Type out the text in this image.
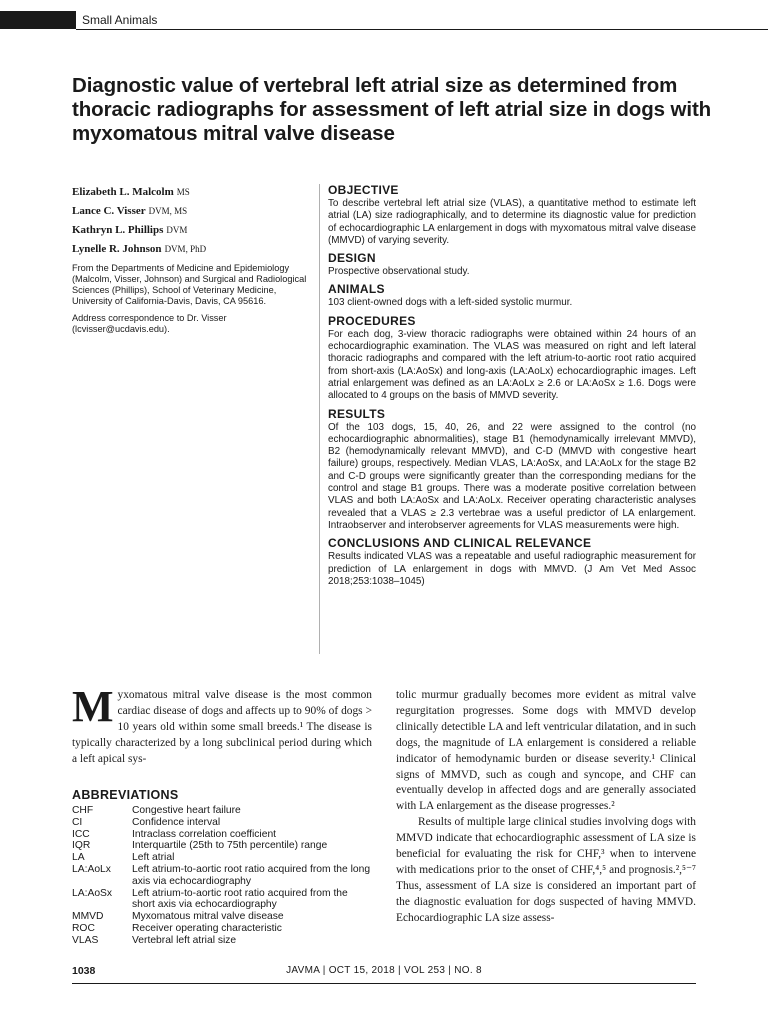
Small Animals
Diagnostic value of vertebral left atrial size as determined from thoracic radiographs for assessment of left atrial size in dogs with myxomatous mitral valve disease
Elizabeth L. Malcolm MS
Lance C. Visser DVM, MS
Kathryn L. Phillips DVM
Lynelle R. Johnson DVM, PhD
From the Departments of Medicine and Epidemiology (Malcolm, Visser, Johnson) and Surgical and Radiological Sciences (Phillips), School of Veterinary Medicine, University of California-Davis, Davis, CA 95616.
Address correspondence to Dr. Visser (lcvisser@ucdavis.edu).
OBJECTIVE
To describe vertebral left atrial size (VLAS), a quantitative method to estimate left atrial (LA) size radiographically, and to determine its diagnostic value for prediction of echocardiographic LA enlargement in dogs with myxomatous mitral valve disease (MMVD) of varying severity.
DESIGN
Prospective observational study.
ANIMALS
103 client-owned dogs with a left-sided systolic murmur.
PROCEDURES
For each dog, 3-view thoracic radiographs were obtained within 24 hours of an echocardiographic examination. The VLAS was measured on right and left lateral thoracic radiographs and compared with the left atrium-to-aortic root ratio acquired from short-axis (LA:AoSx) and long-axis (LA:AoLx) echocardiographic images. Left atrial enlargement was defined as an LA:AoLx ≥ 2.6 or LA:AoSx ≥ 1.6. Dogs were allocated to 4 groups on the basis of MMVD severity.
RESULTS
Of the 103 dogs, 15, 40, 26, and 22 were assigned to the control (no echocardiographic abnormalities), stage B1 (hemodynamically irrelevant MMVD), B2 (hemodynamically relevant MMVD), and C-D (MMVD with congestive heart failure) groups, respectively. Median VLAS, LA:AoSx, and LA:AoLx for the stage B2 and C-D groups were significantly greater than the corresponding medians for the control and stage B1 groups. There was a moderate positive correlation between VLAS and both LA:AoSx and LA:AoLx. Receiver operating characteristic analyses revealed that a VLAS ≥ 2.3 vertebrae was a useful predictor of LA enlargement. Intraobserver and interobserver agreements for VLAS measurements were high.
CONCLUSIONS AND CLINICAL RELEVANCE
Results indicated VLAS was a repeatable and useful radiographic measurement for prediction of LA enlargement in dogs with MMVD. (J Am Vet Med Assoc 2018;253:1038–1045)

Myxomatous mitral valve disease is the most common cardiac disease of dogs and affects up to 90% of dogs > 10 years old within some small breeds.¹ The disease is typically characterized by a long subclinical period during which a left apical sys-

ABBREVIATIONS
CHF	Congestive heart failure
CI	Confidence interval
ICC	Intraclass correlation coefficient
IQR	Interquartile (25th to 75th percentile) range
LA	Left atrial
LA:AoLx	Left atrium-to-aortic root ratio acquired from the long axis via echocardiography
LA:AoSx	Left atrium-to-aortic root ratio acquired from the short axis via echocardiography
MMVD	Myxomatous mitral valve disease
ROC	Receiver operating characteristic
VLAS	Vertebral left atrial size

tolic murmur gradually becomes more evident as mitral valve regurgitation progresses. Some dogs with MMVD develop clinically detectible LA and left ventricular dilatation, and in such dogs, the magnitude of LA enlargement is considered a reliable indicator of hemodynamic burden or disease severity.¹ Clinical signs of MMVD, such as cough and syncope, and CHF can eventually develop in affected dogs and are generally associated with LA enlargement as the disease progresses.²

Results of multiple large clinical studies involving dogs with MMVD indicate that echocardiographic assessment of LA size is beneficial for evaluating the risk for CHF,³ when to intervene with medications prior to the onset of CHF,⁴,⁵ and prognosis.²,⁵⁻⁷ Thus, assessment of LA size is considered an important part of the diagnostic evaluation for dogs suspected of having MMVD. Echocardiographic LA size assess-

1038	JAVMA | OCT 15, 2018 | VOL 253 | NO. 8
